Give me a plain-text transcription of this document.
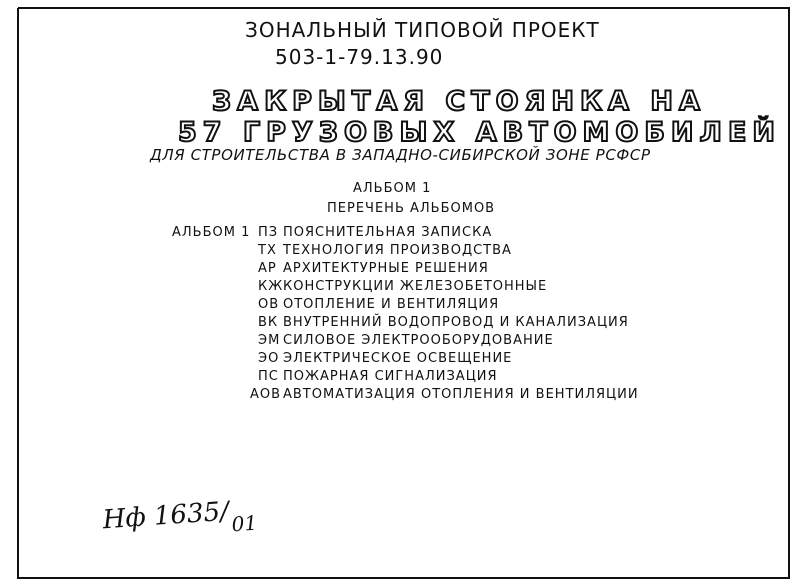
ЗОНАЛЬНЫЙ ТИПОВОЙ ПРОЕКТ
503-1-79.13.90
ЗАКРЫТАЯ СТОЯНКА НА
57 ГРУЗОВЫХ АВТОМОБИЛЕЙ
ДЛЯ СТРОИТЕЛЬСТВА В ЗАПАДНО-СИБИРСКОЙ ЗОНЕ РСФСР
АЛЬБОМ 1
ПЕРЕЧЕНЬ АЛЬБОМОВ
АЛЬБОМ 1 ПЗ ПОЯСНИТЕЛЬНАЯ ЗАПИСКА
ТХ ТЕХНОЛОГИЯ ПРОИЗВОДСТВА
АР АРХИТЕКТУРНЫЕ РЕШЕНИЯ
КЖ КОНСТРУКЦИИ ЖЕЛЕЗОБЕТОННЫЕ
ОВ ОТОПЛЕНИЕ И ВЕНТИЛЯЦИЯ
ВК ВНУТРЕННИЙ ВОДОПРОВОД И КАНАЛИЗАЦИЯ
ЭМ СИЛОВОЕ ЭЛЕКТРООБОРУДОВАНИЕ
ЭО ЭЛЕКТРИЧЕСКОЕ ОСВЕЩЕНИЕ
ПС ПОЖАРНАЯ СИГНАЛИЗАЦИЯ
АОВ АВТОМАТИЗАЦИЯ ОТОПЛЕНИЯ И ВЕНТИЛЯЦИИ
Нф 1635/01
